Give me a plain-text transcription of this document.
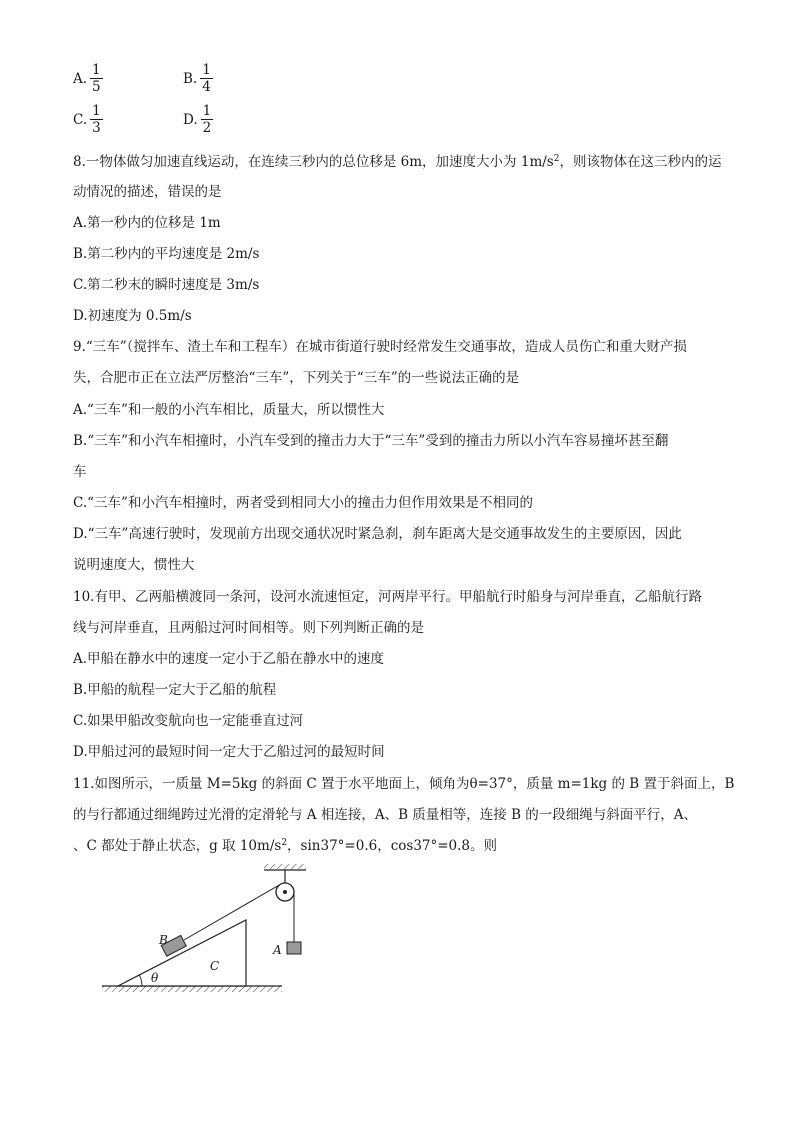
A. $\frac{1}{5}$	B. $\frac{1}{4}$
C. $\frac{1}{3}$	D. $\frac{1}{2}$
8.一物体做匀加速直线运动，在连续三秒内的总位移是 6m，加速度大小为 $1m/s^2$，则该物体在这三秒内的运
动情况的描述，错误的是
A.第一秒内的位移是 1m
B.第二秒内的平均速度是 2m/s
C.第二秒末的瞬时速度是 3m/s
D.初速度为 0.5m/s
9.“三车”（搅拌车、渣土车和工程车）在城市街道行驶时经常发生交通事故，造成人员伤亡和重大财产损
失，合肥市正在立法严厉整治“三车”，下列关于“三车”的一些说法正确的是
A.“三车”和一般的小汽车相比，质量大，所以惯性大
B.“三车”和小汽车相撞时，小汽车受到的撞击力大于“三车”受到的撞击力所以小汽车容易撞坏甚至翻
车
C.“三车”和小汽车相撞时，两者受到相同大小的撞击力但作用效果是不相同的
D.“三车”高速行驶时，发现前方出现交通状况时紧急刹，刹车距离大是交通事故发生的主要原因，因此
说明速度大，惯性大
10.有甲、乙两船横渡同一条河，设河水流速恒定，河两岸平行。甲船航行时船身与河岸垂直，乙船航行路
线与河岸垂直，且两船过河时间相等。则下列判断正确的是
A.甲船在静水中的速度一定小于乙船在静水中的速度
B.甲船的航程一定大于乙船的航程
C.如果甲船改变航向也一定能垂直过河
D.甲船过河的最短时间一定大于乙船过河的最短时间
11.如图所示，一质量 M=5kg 的斜面 C 置于水平地面上，倾角为θ=37°，质量 m=1kg 的 B 置于斜面上，B
的与行都通过细绳跨过光滑的定滑轮与 A 相连接，A、B 质量相等，连接 B 的一段细绳与斜面平行，A、
、C 都处于静止状态，g 取 $10m/s^2$，sin37°=0.6，cos37°=0.8。则
B
C
A
θ
